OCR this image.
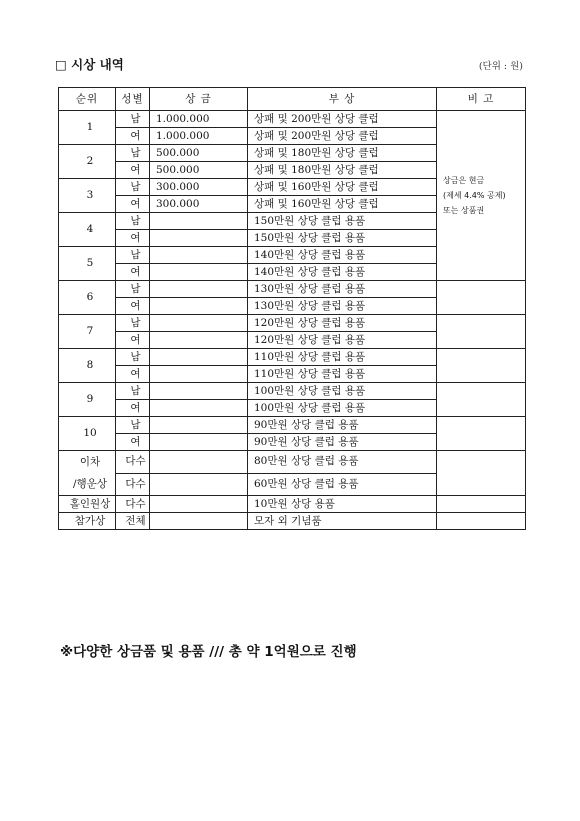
□ 시상 내역	(단위 : 원)
순위	성별	상 금	부 상	비 고
1	남	1.000.000	상패 및 200만원 상당 클럽	상금은 현금
(제세 4.4% 공제)
또는 상품권

	여	1.000.000	상패 및 200만원 상당 클럽	
2	남	500.000	상패 및 180만원 상당 클럽	
	여	500.000	상패 및 180만원 상당 클럽	
3	남	300.000	상패 및 160만원 상당 클럽	
	여	300.000	상패 및 160만원 상당 클럽	
4	남		150만원 상당 클럽 용품	
	여		150만원 상당 클럽 용품	
5	남		140만원 상당 클럽 용품	
	여		140만원 상당 클럽 용품	
6	남		130만원 상당 클럽 용품	
	여		130만원 상당 클럽 용품	
7	남		120만원 상당 클럽 용품	
	여		120만원 상당 클럽 용품	
8	남		110만원 상당 클럽 용품	
	여		110만원 상당 클럽 용품	
9	남		100만원 상당 클럽 용품	
	여		100만원 상당 클럽 용품	
10	남		90만원 상당 클럽 용품	
	여		90만원 상당 클럽 용품	

이차
/행운상	다수		80만원 상당 클럽 용품	
	다수		60만원 상당 클럽 용품	
홀인원상	다수		10만원 상당 용품	
참가상	전체		모자 외 기념품	
※다양한 상금품 및 용품 /// 총 약 1억원으로 진행
